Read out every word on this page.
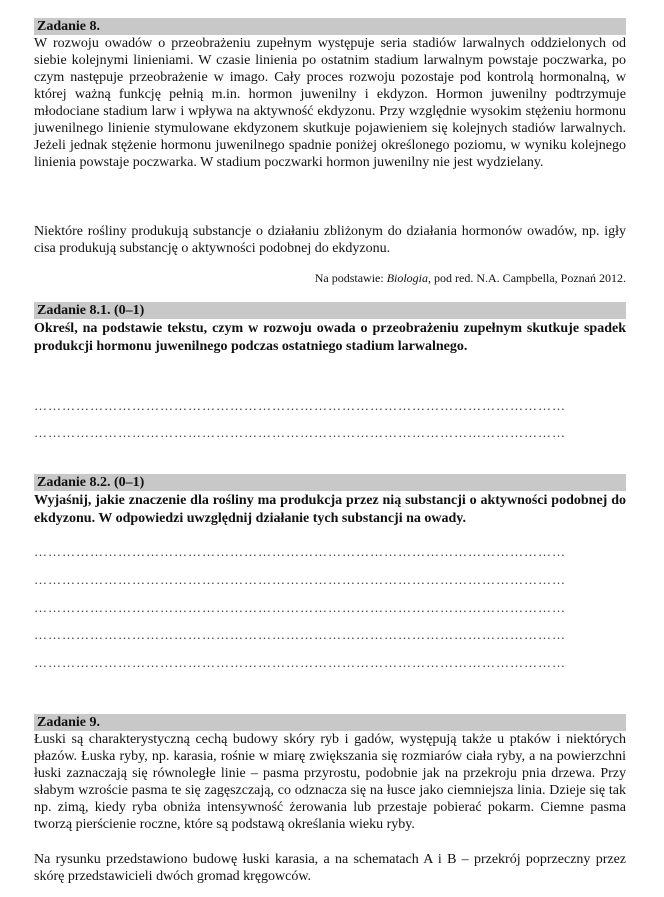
Zadanie 8.

W rozwoju owadów o przeobrażeniu zupełnym występuje seria stadiów larwalnych oddzielonych od siebie kolejnymi linieniami. W czasie linienia po ostatnim stadium larwalnym powstaje poczwarka, po czym następuje przeobrażenie w imago. Cały proces rozwoju pozostaje pod kontrolą hormonalną, w której ważną funkcję pełnią m.in. hormon juwenilny i ekdyzon. Hormon juwenilny podtrzymuje młodociane stadium larw i wpływa na aktywność ekdyzonu. Przy względnie wysokim stężeniu hormonu juwenilnego linienie stymulowane ekdyzonem skutkuje pojawieniem się kolejnych stadiów larwalnych. Jeżeli jednak stężenie hormonu juwenilnego spadnie poniżej określonego poziomu, w wyniku kolejnego linienia powstaje poczwarka. W stadium poczwarki hormon juwenilny nie jest wydzielany.

Niektóre rośliny produkują substancje o działaniu zbliżonym do działania hormonów owadów, np. igły cisa produkują substancję o aktywności podobnej do ekdyzonu.

Na podstawie: Biologia, pod red. N.A. Campbella, Poznań 2012.

Zadanie 8.1. (0–1)

Określ, na podstawie tekstu, czym w rozwoju owada o przeobrażeniu zupełnym skutkuje spadek produkcji hormonu juwenilnego podczas ostatniego stadium larwalnego.

……………………………………………………………………………………………………
……………………………………………………………………………………………………
Zadanie 8.2. (0–1)

Wyjaśnij, jakie znaczenie dla rośliny ma produkcja przez nią substancji o aktywności podobnej do ekdyzonu. W odpowiedzi uwzględnij działanie tych substancji na owady.

……………………………………………………………………………………………………
……………………………………………………………………………………………………
……………………………………………………………………………………………………
……………………………………………………………………………………………………
……………………………………………………………………………………………………
Zadanie 9.

Łuski są charakterystyczną cechą budowy skóry ryb i gadów, występują także u ptaków i niektórych płazów. Łuska ryby, np. karasia, rośnie w miarę zwiększania się rozmiarów ciała ryby, a na powierzchni łuski zaznaczają się równoległe linie – pasma przyrostu, podobnie jak na przekroju pnia drzewa. Przy słabym wzroście pasma te się zagęszczają, co odznacza się na łusce jako ciemniejsza linia. Dzieje się tak np. zimą, kiedy ryba obniża intensywność żerowania lub przestaje pobierać pokarm. Ciemne pasma tworzą pierścienie roczne, które są podstawą określania wieku ryby.

Na rysunku przedstawiono budowę łuski karasia, a na schematach A i B – przekrój poprzeczny przez skórę przedstawicieli dwóch gromad kręgowców.
